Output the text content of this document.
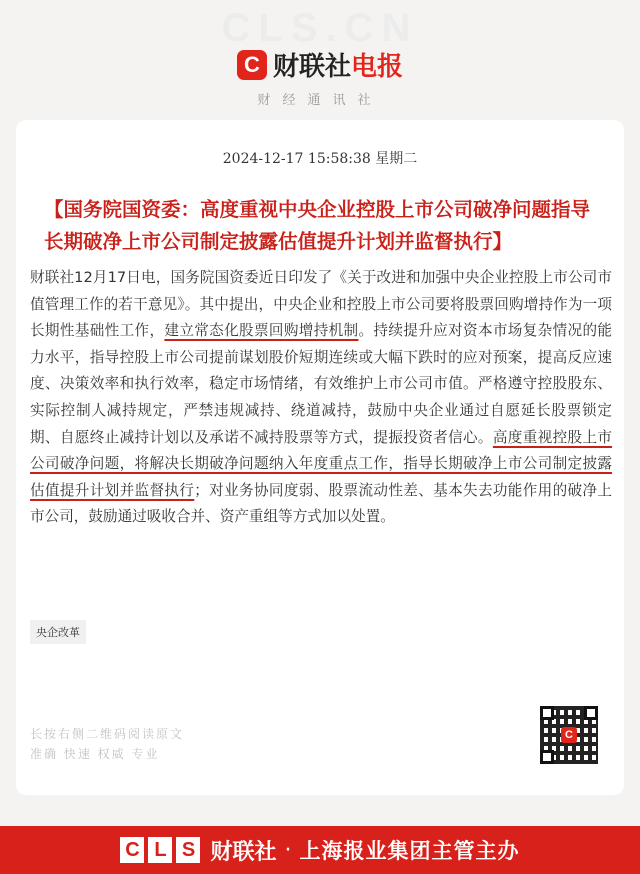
CLS.CN
C 财联社电报
财经通讯社
2024-12-17 15:58:38 星期二
【国务院国资委：高度重视中央企业控股上市公司破净问题指导长期破净上市公司制定披露估值提升计划并监督执行】
财联社12月17日电，国务院国资委近日印发了《关于改进和加强中央企业控股上市公司市值管理工作的若干意见》。其中提出，中央企业和控股上市公司要将股票回购增持作为一项长期性基础性工作，建立常态化股票回购增持机制。持续提升应对资本市场复杂情况的能力水平，指导控股上市公司提前谋划股价短期连续或大幅下跌时的应对预案，提高反应速度、决策效率和执行效率，稳定市场情绪，有效维护上市公司市值。严格遵守控股股东、实际控制人减持规定，严禁违规减持、绕道减持，鼓励中央企业通过自愿延长股票锁定期、自愿终止减持计划以及承诺不减持股票等方式，提振投资者信心。高度重视控股上市公司破净问题，将解决长期破净问题纳入年度重点工作，指导长期破净上市公司制定披露估值提升计划并监督执行；对业务协同度弱、股票流动性差、基本失去功能作用的破净上市公司，鼓励通过吸收合并、资产重组等方式加以处置。
央企改革
长按右侧二维码阅读原文
准确 快速 权威 专业
C
C L S 财联社 · 上海报业集团主管主办
